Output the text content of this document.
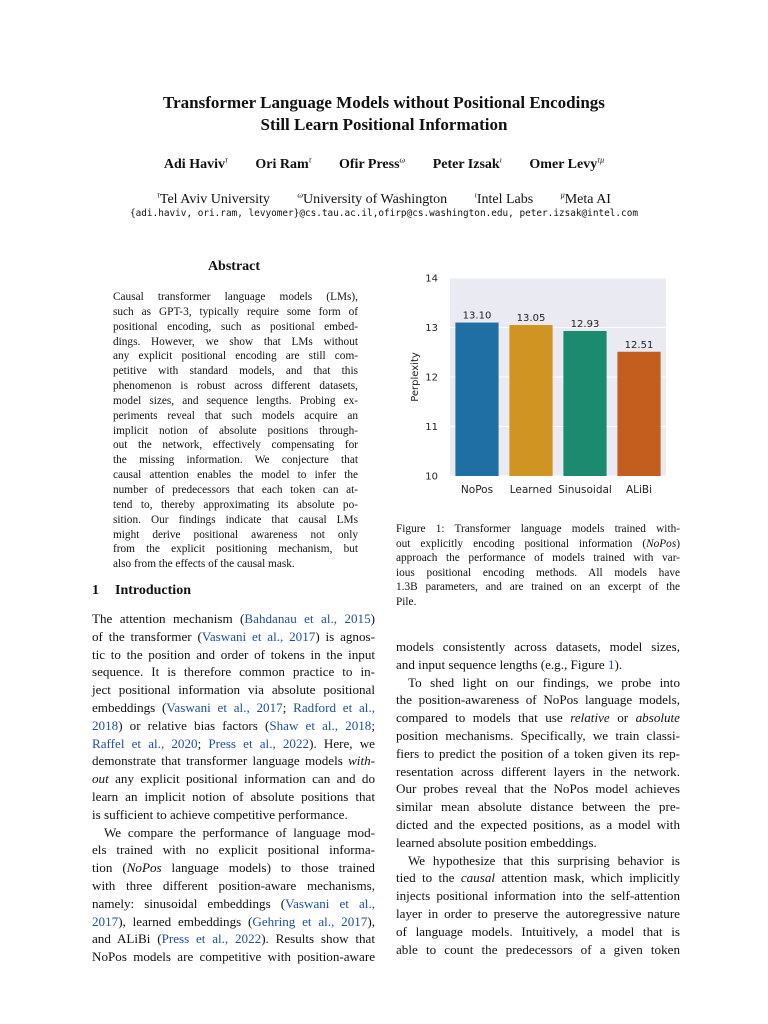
Transformer Language Models without Positional Encodings
Still Learn Positional Information
Adi Haviv$^\tau$ Ori Ram$^\tau$ Ofir Press$^\omega$ Peter Izsak$^\iota$ Omer Levy$^{\tau\mu}$
$^\tau$Tel Aviv University	$^\omega$University of Washington	$^\iota$Intel Labs	$^\mu$Meta AI
{adi.haviv, ori.ram, levyomer}@cs.tau.ac.il,ofirp@cs.washington.edu, peter.izsak@intel.com
Abstract
Causal transformer language models (LMs),
such as GPT-3, typically require some form of
positional encoding, such as positional embed-
dings. However, we show that LMs without
any explicit positional encoding are still com-
petitive with standard models, and that this
phenomenon is robust across different datasets,
model sizes, and sequence lengths. Probing ex-
periments reveal that such models acquire an
implicit notion of absolute positions through-
out the network, effectively compensating for
the missing information. We conjecture that
causal attention enables the model to infer the
number of predecessors that each token can at-
tend to, thereby approximating its absolute po-
sition. Our findings indicate that causal LMs
might derive positional awareness not only
from the explicit positioning mechanism, but
also from the effects of the causal mask.
1 Introduction
The attention mechanism (Bahdanau et al., 2015)
of the transformer (Vaswani et al., 2017) is agnos-
tic to the position and order of tokens in the input
sequence. It is therefore common practice to in-
ject positional information via absolute positional
embeddings (Vaswani et al., 2017; Radford et al.,
2018) or relative bias factors (Shaw et al., 2018;
Raffel et al., 2020; Press et al., 2022). Here, we
demonstrate that transformer language models with-
out any explicit positional information can and do
learn an implicit notion of absolute positions that
is sufficient to achieve competitive performance.
We compare the performance of language mod-
els trained with no explicit positional informa-
tion (NoPos language models) to those trained
with three different position-aware mechanisms,
namely: sinusoidal embeddings (Vaswani et al.,
2017), learned embeddings (Gehring et al., 2017),
and ALiBi (Press et al., 2022). Results show that
NoPos models are competitive with position-aware
models consistently across datasets, model sizes,
and input sequence lengths (e.g., Figure 1).
To shed light on our findings, we probe into
the position-awareness of NoPos language models,
compared to models that use relative or absolute
position mechanisms. Specifically, we train classi-
fiers to predict the position of a token given its rep-
resentation across different layers in the network.
Our probes reveal that the NoPos model achieves
similar mean absolute distance between the pre-
dicted and the expected positions, as a model with
learned absolute position embeddings.
We hypothesize that this surprising behavior is
tied to the causal attention mask, which implicitly
injects positional information into the self-attention
layer in order to preserve the autoregressive nature
of language models. Intuitively, a model that is
able to count the predecessors of a given token
10
11
12
13
14
Perplexity
13.10
NoPos
13.05
Learned
12.93
Sinusoidal
12.51
ALiBi
Figure 1: Transformer language models trained with-
out explicitly encoding positional information (NoPos)
approach the performance of models trained with var-
ious positional encoding methods. All models have
1.3B parameters, and are trained on an excerpt of the
Pile.
